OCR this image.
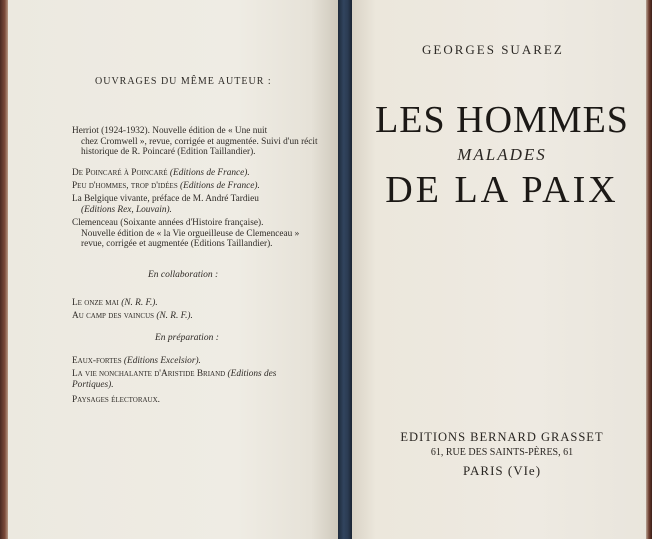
OUVRAGES DU MÊME AUTEUR :
Herriot (1924-1932). Nouvelle édition de « Une nuit
chez Cromwell », revue, corrigée et augmentée. Suivi d'un récit historique de R. Poincaré (Edition Taillandier).
De Poincaré à Poincaré (Editions de France).
Peu d'hommes, trop d'idées (Editions de France).
La Belgique vivante, préface de M. André Tardieu
(Editions Rex, Louvain).
Clemenceau (Soixante années d'Histoire française).
Nouvelle édition de « la Vie orgueilleuse de Clemenceau » revue, corrigée et augmentée (Editions Taillandier).
En collaboration :
Le onze mai (N. R. F.).
Au camp des vaincus (N. R. F.).
En préparation :
Eaux-fortes (Editions Excelsior).
La vie nonchalante d'Aristide Briand (Editions des Portiques).
Paysages électoraux.
GEORGES SUAREZ
LES HOMMES
MALADES
DE LA PAIX
EDITIONS BERNARD GRASSET
61, RUE DES SAINTS-PÈRES, 61
PARIS (VIe)
